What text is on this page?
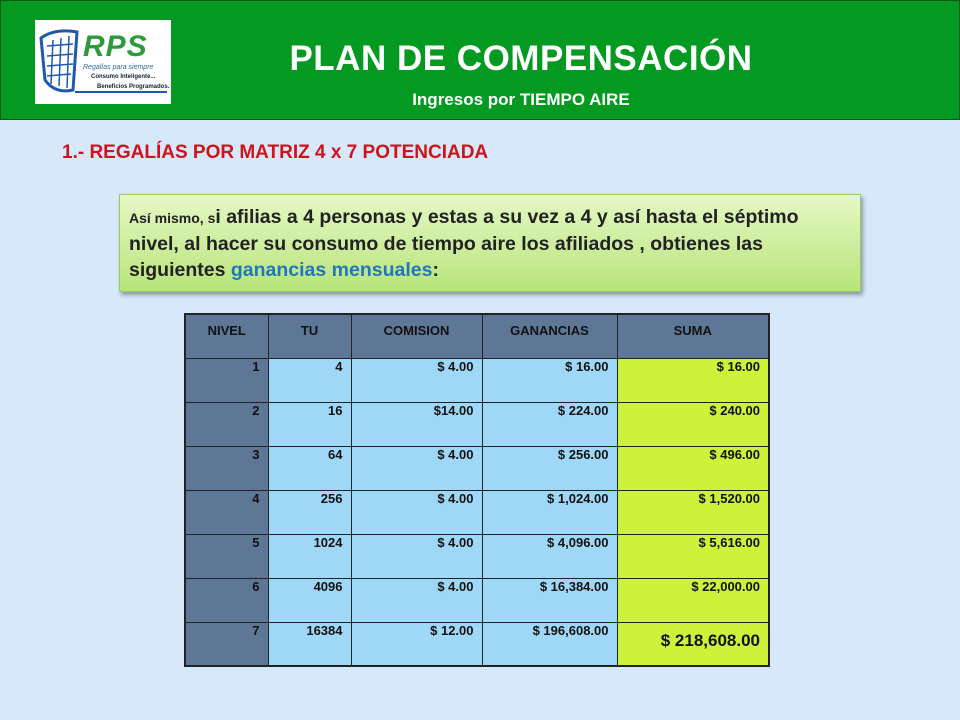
RPS
Regalías para siempre
Consumo Inteligente...
Beneficios Programados.
PLAN DE COMPENSACIÓN
Ingresos por TIEMPO AIRE
1.- REGALÍAS POR MATRIZ 4 x 7 POTENCIADA
Así mismo, si afilias a 4 personas y estas a su vez a 4 y así hasta el séptimo nivel, al hacer su consumo de tiempo aire los afiliados , obtienes las siguientes ganancias mensuales:
NIVEL	TU	COMISION	GANANCIAS	SUMA
1	4	$ 4.00	$ 16.00	$ 16.00
2	16	$14.00	$ 224.00	$ 240.00
3	64	$ 4.00	$ 256.00	$ 496.00
4	256	$ 4.00	$ 1,024.00	$ 1,520.00
5	1024	$ 4.00	$ 4,096.00	$ 5,616.00
6	4096	$ 4.00	$ 16,384.00	$ 22,000.00
7	16384	$ 12.00	$ 196,608.00	$ 218,608.00
